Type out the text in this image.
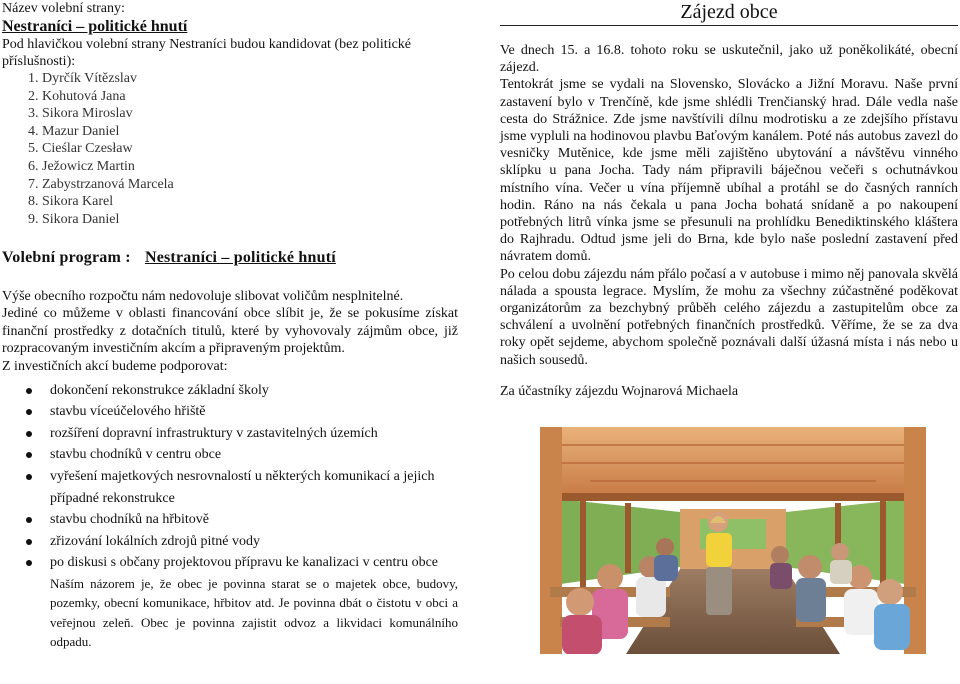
Název volební strany:

Nestraníci – politické hnutí

Pod hlavičkou volební strany Nestraníci budou kandidovat (bez politické příslušnosti):

1. Dyrčík Vítězslav
2. Kohutová Jana
3. Sikora Miroslav
4. Mazur Daniel
5. Cieślar Czesław
6. Ježowicz Martin
7. Zabystrzanová Marcela
8. Sikora Karel
9. Sikora Daniel

Volební program : Nestraníci – politické hnutí

Výše obecního rozpočtu nám nedovoluje slibovat voličům nesplnitelné.

Jediné co můžeme v oblasti financování obce slíbit je, že se pokusíme získat finanční prostředky z dotačních titulů, které by vyhovovaly zájmům obce, již rozpracovaným investičním akcím a připraveným projektům.

Z investičních akcí budeme podporovat:

dokončení rekonstrukce základní školy
stavbu víceúčelového hřiště
rozšíření dopravní infrastruktury v zastavitelných územích
stavbu chodníků v centru obce
vyřešení majetkových nesrovnalostí u některých komunikací a jejich případné rekonstrukce
stavbu chodníků na hřbitově
zřizování lokálních zdrojů pitné vody
po diskusi s občany projektovou přípravu ke kanalizaci v centru obce

Naším názorem je, že obec je povinna starat se o majetek obce, budovy, pozemky, obecní komunikace, hřbitov atd. Je povinna dbát o čistotu v obci a veřejnou zeleň. Obec je povinna zajistit odvoz a likvidaci komunálního odpadu.

Zájezd obce

Ve dnech 15. a 16.8. tohoto roku se uskutečnil, jako už poněkolikáté, obecní zájezd.

Tentokrát jsme se vydali na Slovensko, Slovácko a Jižní Moravu. Naše první zastavení bylo v Trenčíně, kde jsme shlédli Trenčianský hrad. Dále vedla naše cesta do Strážnice. Zde jsme navštívili dílnu modrotisku a ze zdejšího přístavu jsme vypluli na hodinovou plavbu Baťovým kanálem. Poté nás autobus zavezl do vesničky Mutěnice, kde jsme měli zajištěno ubytování a návštěvu vinného sklípku u pana Jocha. Tady nám připravili báječnou večeři s ochutnávkou místního vína. Večer u vína příjemně ubíhal a protáhl se do časných ranních hodin. Ráno na nás čekala u pana Jocha bohatá snídaně a po nakoupení potřebných litrů vínka jsme se přesunuli na prohlídku Benediktinského kláštera do Rajhradu. Odtud jsme jeli do Brna, kde bylo naše poslední zastavení před návratem domů.

Po celou dobu zájezdu nám přálo počasí a v autobuse i mimo něj panovala skvělá nálada a spousta legrace. Myslím, že mohu za všechny zúčastněné poděkovat organizátorům za bezchybný průběh celého zájezdu a zastupitelům obce za schválení a uvolnění potřebných finančních prostředků. Věříme, že se za dva roky opět sejdeme, abychom společně poznávali další úžasná místa i nás nebo u našich sousedů.

Za účastníky zájezdu Wojnarová Michaela
